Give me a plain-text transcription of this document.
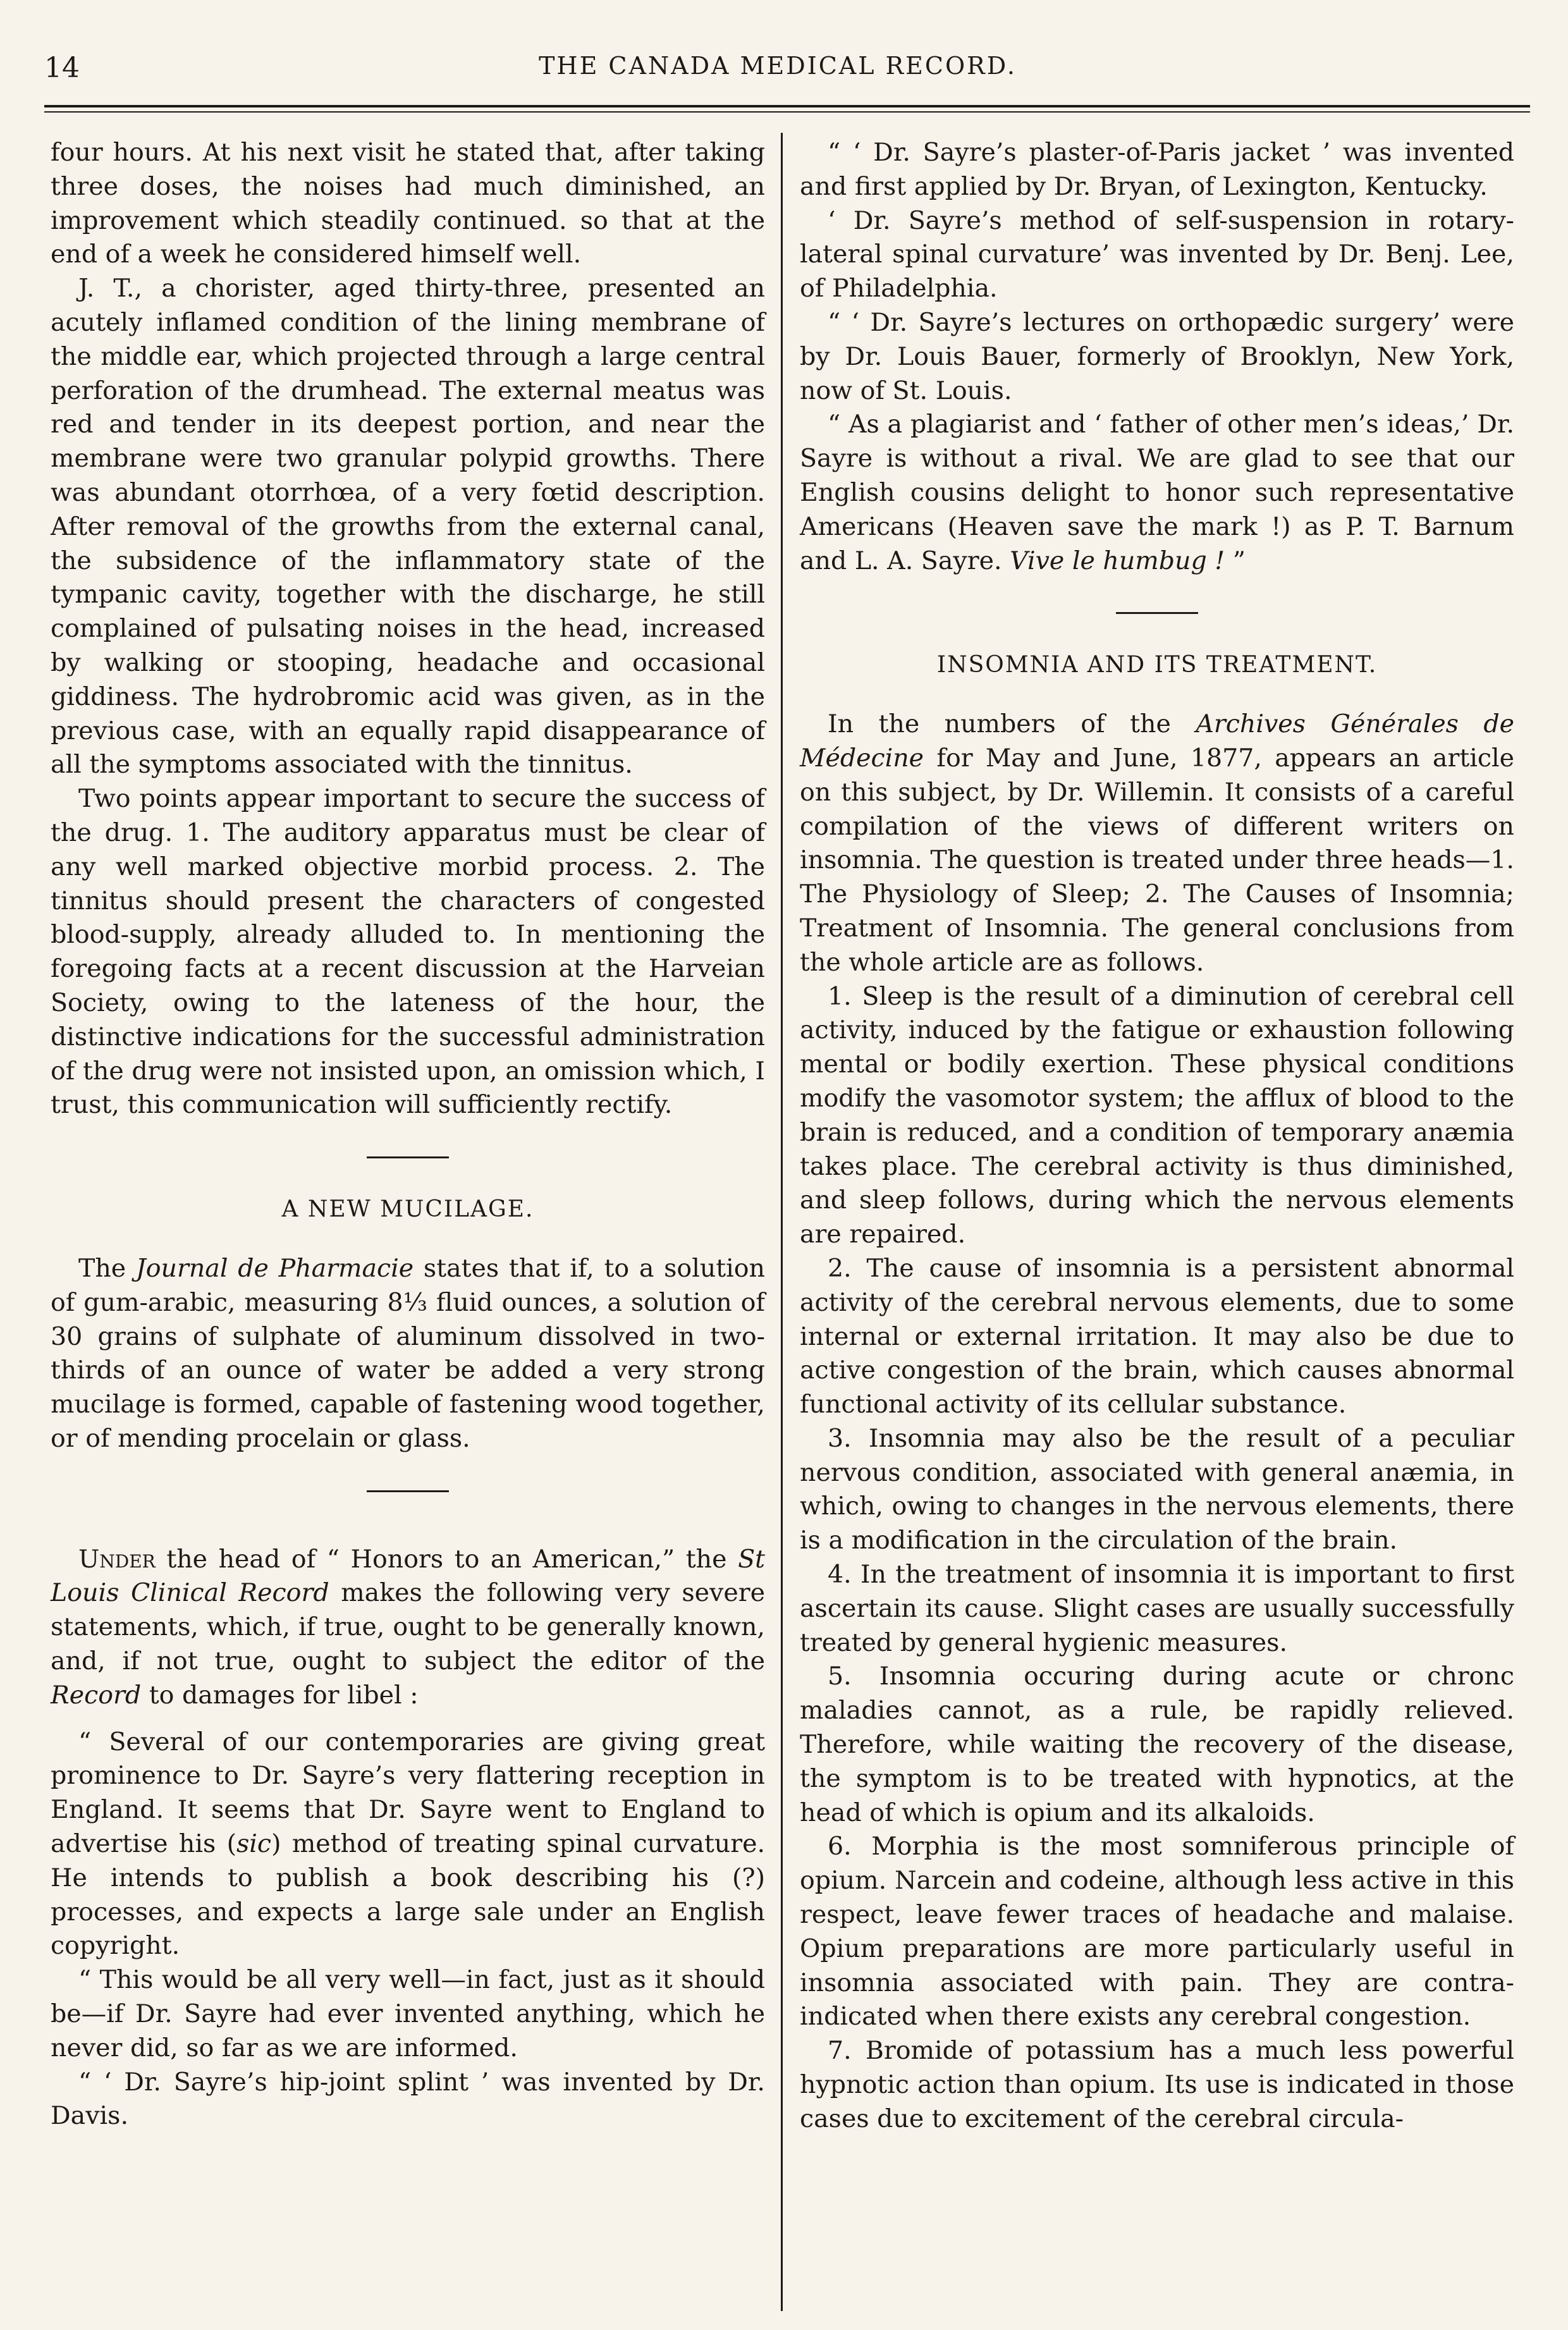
14	THE CANADA MEDICAL RECORD.

four hours. At his next visit he stated that, after taking three doses, the noises had much diminished, an improvement which steadily continued. so that at the end of a week he considered himself well.

J. T., a chorister, aged thirty-three, presented an acutely inflamed condition of the lining membrane of the middle ear, which projected through a large central perforation of the drumhead. The external meatus was red and tender in its deepest portion, and near the membrane were two granular polypid growths. There was abundant otorrhœa, of a very fœtid description. After removal of the growths from the external canal, the subsidence of the inflammatory state of the tympanic cavity, together with the discharge, he still complained of pulsating noises in the head, increased by walking or stooping, headache and occasional giddiness. The hydrobromic acid was given, as in the previous case, with an equally rapid disappearance of all the symptoms associated with the tinnitus.

Two points appear important to secure the success of the drug. 1. The auditory apparatus must be clear of any well marked objective morbid process. 2. The tinnitus should present the characters of congested blood-supply, already alluded to. In mentioning the foregoing facts at a recent discussion at the Harveian Society, owing to the lateness of the hour, the distinctive indications for the successful administration of the drug were not insisted upon, an omission which, I trust, this communication will sufficiently rectify.

A NEW MUCILAGE.

The Journal de Pharmacie states that if, to a solution of gum-arabic, measuring 8⅓ fluid ounces, a solution of 30 grains of sulphate of aluminum dissolved in two-thirds of an ounce of water be added a very strong mucilage is formed, capable of fastening wood together, or of mending procelain or glass.

Under the head of “ Honors to an American,” the St Louis Clinical Record makes the following very severe statements, which, if true, ought to be generally known, and, if not true, ought to subject the editor of the Record to damages for libel :

“ Several of our contemporaries are giving great prominence to Dr. Sayre’s very flattering reception in England. It seems that Dr. Sayre went to England to advertise his (sic) method of treating spinal curvature. He intends to publish a book describing his (?) processes, and expects a large sale under an English copyright.

“ This would be all very well—in fact, just as it should be—if Dr. Sayre had ever invented anything, which he never did, so far as we are informed.

“ ‘ Dr. Sayre’s hip-joint splint ’ was invented by Dr. Davis.

“ ‘ Dr. Sayre’s plaster-of-Paris jacket ’ was invented and first applied by Dr. Bryan, of Lexington, Kentucky.

‘ Dr. Sayre’s method of self-suspension in rotary-lateral spinal curvature’ was invented by Dr. Benj. Lee, of Philadelphia.

“ ‘ Dr. Sayre’s lectures on orthopædic surgery’ were by Dr. Louis Bauer, formerly of Brooklyn, New York, now of St. Louis.

“ As a plagiarist and ‘ father of other men’s ideas,’ Dr. Sayre is without a rival. We are glad to see that our English cousins delight to honor such representative Americans (Heaven save the mark !) as P. T. Barnum and L. A. Sayre. Vive le humbug ! ”

INSOMNIA AND ITS TREATMENT.

In the numbers of the Archives Générales de Médecine for May and June, 1877, appears an article on this subject, by Dr. Willemin. It consists of a careful compilation of the views of different writers on insomnia. The question is treated under three heads—1. The Physiology of Sleep; 2. The Causes of Insomnia; Treatment of Insomnia. The general conclusions from the whole article are as follows.

1. Sleep is the result of a diminution of cerebral cell activity, induced by the fatigue or exhaustion following mental or bodily exertion. These physical conditions modify the vasomotor system; the afflux of blood to the brain is reduced, and a condition of temporary anæmia takes place. The cerebral activity is thus diminished, and sleep follows, during which the nervous elements are repaired.

2. The cause of insomnia is a persistent abnormal activity of the cerebral nervous elements, due to some internal or external irritation. It may also be due to active congestion of the brain, which causes abnormal functional activity of its cellular substance.

3. Insomnia may also be the result of a peculiar nervous condition, associated with general anæmia, in which, owing to changes in the nervous elements, there is a modification in the circulation of the brain.

4. In the treatment of insomnia it is important to first ascertain its cause. Slight cases are usually successfully treated by general hygienic measures.

5. Insomnia occuring during acute or chronc maladies cannot, as a rule, be rapidly relieved. Therefore, while waiting the recovery of the disease, the symptom is to be treated with hypnotics, at the head of which is opium and its alkaloids.

6. Morphia is the most somniferous principle of opium. Narcein and codeine, although less active in this respect, leave fewer traces of headache and malaise. Opium preparations are more particularly useful in insomnia associated with pain. They are contra-indicated when there exists any cerebral congestion.

7. Bromide of potassium has a much less powerful hypnotic action than opium. Its use is indicated in those cases due to excitement of the cerebral circula-
